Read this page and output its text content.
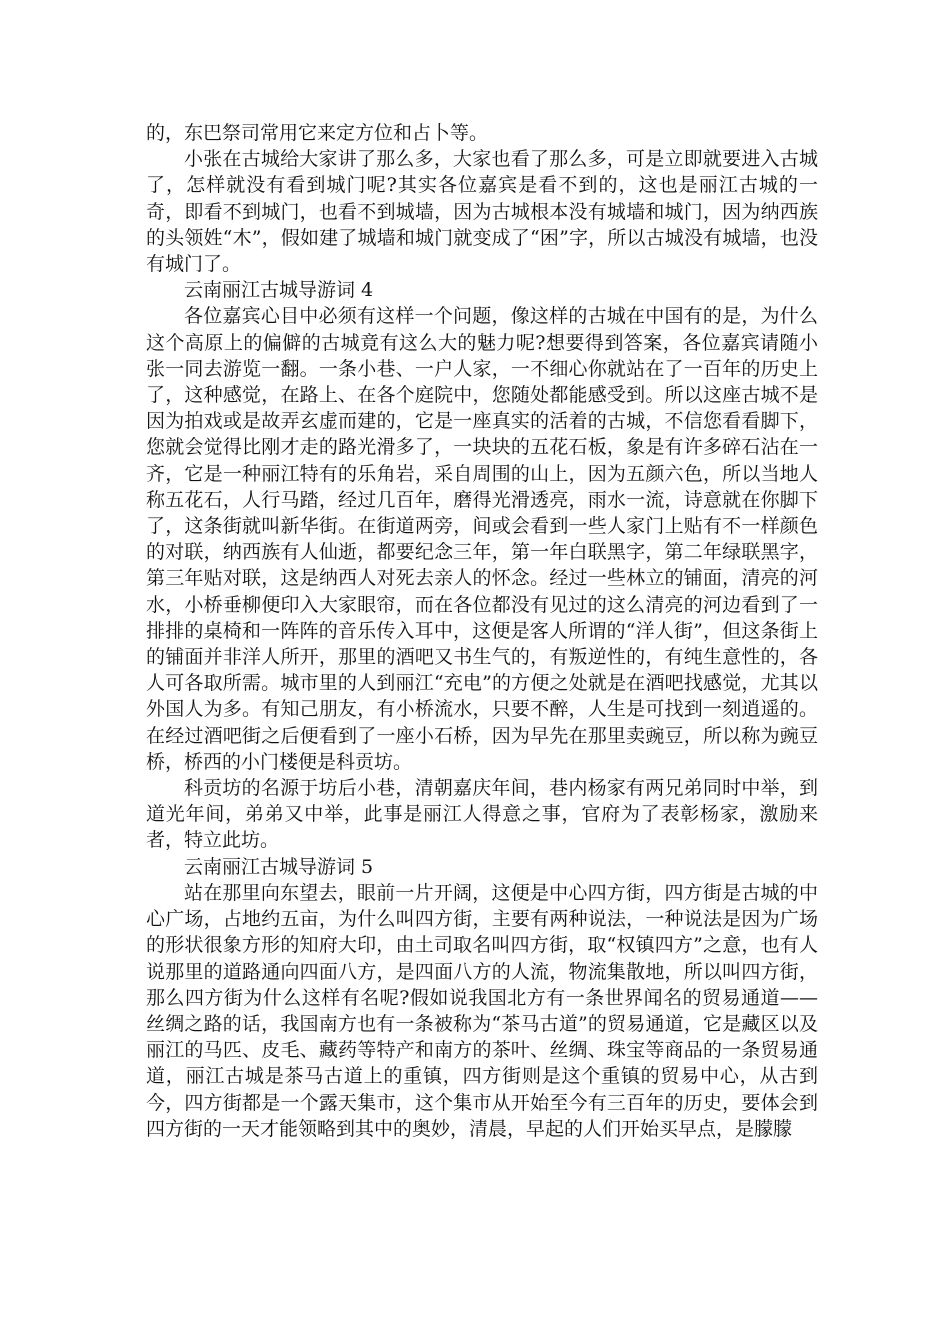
的，东巴祭司常用它来定方位和占卜等。

小张在古城给大家讲了那么多，大家也看了那么多，可是立即就要进入古城了，怎样就没有看到城门呢?其实各位嘉宾是看不到的，这也是丽江古城的一奇，即看不到城门，也看不到城墙，因为古城根本没有城墙和城门，因为纳西族的头领姓“木”，假如建了城墙和城门就变成了“困”字，所以古城没有城墙，也没有城门了。

云南丽江古城导游词 4

各位嘉宾心目中必须有这样一个问题，像这样的古城在中国有的是，为什么这个高原上的偏僻的古城竟有这么大的魅力呢?想要得到答案，各位嘉宾请随小张一同去游览一翻。一条小巷、一户人家，一不细心你就站在了一百年的历史上了，这种感觉，在路上、在各个庭院中，您随处都能感受到。所以这座古城不是因为拍戏或是故弄玄虚而建的，它是一座真实的活着的古城，不信您看看脚下，您就会觉得比刚才走的路光滑多了，一块块的五花石板，象是有许多碎石沾在一齐，它是一种丽江特有的乐角岩，采自周围的山上，因为五颜六色，所以当地人称五花石，人行马踏，经过几百年，磨得光滑透亮，雨水一流，诗意就在你脚下了，这条街就叫新华街。在街道两旁，间或会看到一些人家门上贴有不一样颜色的对联，纳西族有人仙逝，都要纪念三年，第一年白联黑字，第二年绿联黑字，第三年贴对联，这是纳西人对死去亲人的怀念。经过一些林立的铺面，清亮的河水，小桥垂柳便印入大家眼帘，而在各位都没有见过的这么清亮的河边看到了一排排的桌椅和一阵阵的音乐传入耳中，这便是客人所谓的“洋人街”，但这条街上的铺面并非洋人所开，那里的酒吧又书生气的，有叛逆性的，有纯生意性的，各人可各取所需。城市里的人到丽江“充电”的方便之处就是在酒吧找感觉，尤其以外国人为多。有知己朋友，有小桥流水，只要不醉，人生是可找到一刻逍遥的。在经过酒吧街之后便看到了一座小石桥，因为早先在那里卖豌豆，所以称为豌豆桥，桥西的小门楼便是科贡坊。

科贡坊的名源于坊后小巷，清朝嘉庆年间，巷内杨家有两兄弟同时中举，到道光年间，弟弟又中举，此事是丽江人得意之事，官府为了表彰杨家，激励来者，特立此坊。

云南丽江古城导游词 5

站在那里向东望去，眼前一片开阔，这便是中心四方街，四方街是古城的中心广场，占地约五亩，为什么叫四方街，主要有两种说法，一种说法是因为广场的形状很象方形的知府大印，由土司取名叫四方街，取“权镇四方”之意，也有人说那里的道路通向四面八方，是四面八方的人流，物流集散地，所以叫四方街，那么四方街为什么这样有名呢?假如说我国北方有一条世界闻名的贸易通道——丝绸之路的话，我国南方也有一条被称为“茶马古道”的贸易通道，它是藏区以及丽江的马匹、皮毛、藏药等特产和南方的茶叶、丝绸、珠宝等商品的一条贸易通道，丽江古城是茶马古道上的重镇，四方街则是这个重镇的贸易中心，从古到今，四方街都是一个露天集市，这个集市从开始至今有三百年的历史，要体会到四方街的一天才能领略到其中的奥妙，清晨，早起的人们开始买早点，是朦朦
